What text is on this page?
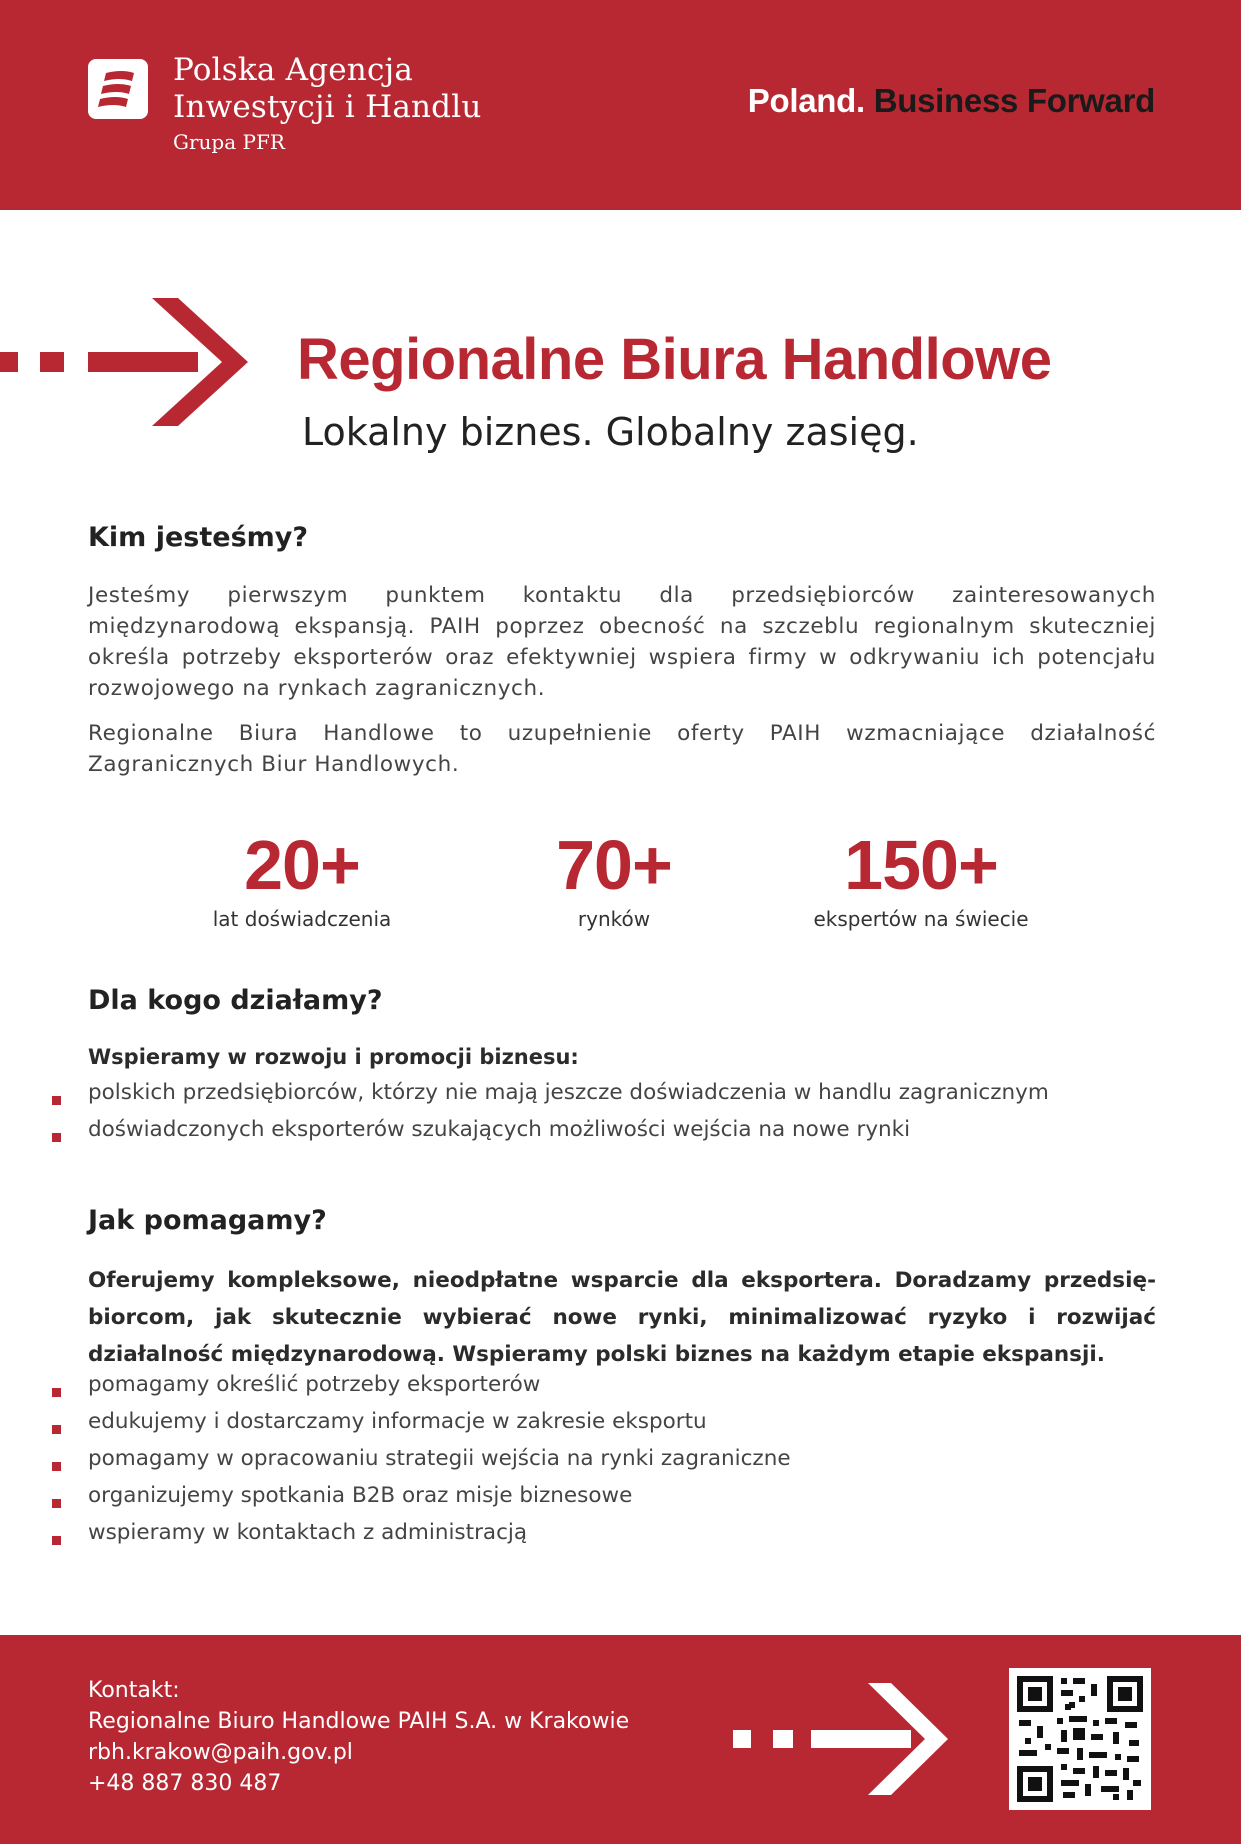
Polska Agencja
Inwestycji i Handlu
Grupa PFR
Poland. Business Forward
Regionalne Biura Handlowe
Lokalny biznes. Globalny zasięg.
Kim jesteśmy?
Jesteśmy pierwszym punktem kontaktu dla przedsiębiorców zainteresowanych międzynarodową ekspansją. PAIH poprzez obecność na szczeblu regionalnym skuteczniej określa potrzeby eksporterów oraz efektywniej wspiera firmy w odkrywaniu ich potencjału rozwojowego na rynkach zagranicznych.
Regionalne Biura Handlowe to uzupełnienie oferty PAIH wzmacniające działalność Zagranicznych Biur Handlowych.
20+
lat doświadczenia
70+
rynków
150+
ekspertów na świecie
Dla kogo działamy?
Wspieramy w rozwoju i promocji biznesu:
polskich przedsiębiorców, którzy nie mają jeszcze doświadczenia w handlu zagranicznym
doświadczonych eksporterów szukających możliwości wejścia na nowe rynki
Jak pomagamy?
Oferujemy kompleksowe, nieodpłatne wsparcie dla eksportera. Doradzamy przedsiębiorcom, jak skutecznie wybierać nowe rynki, minimalizować ryzyko i rozwijać działalność międzynarodową. Wspieramy polski biznes na każdym etapie ekspansji.
pomagamy określić potrzeby eksporterów
edukujemy i dostarczamy informacje w zakresie eksportu
pomagamy w opracowaniu strategii wejścia na rynki zagraniczne
organizujemy spotkania B2B oraz misje biznesowe
wspieramy w kontaktach z administracją
Kontakt:
Regionalne Biuro Handlowe PAIH S.A. w Krakowie
rbh.krakow@paih.gov.pl
+48 887 830 487
